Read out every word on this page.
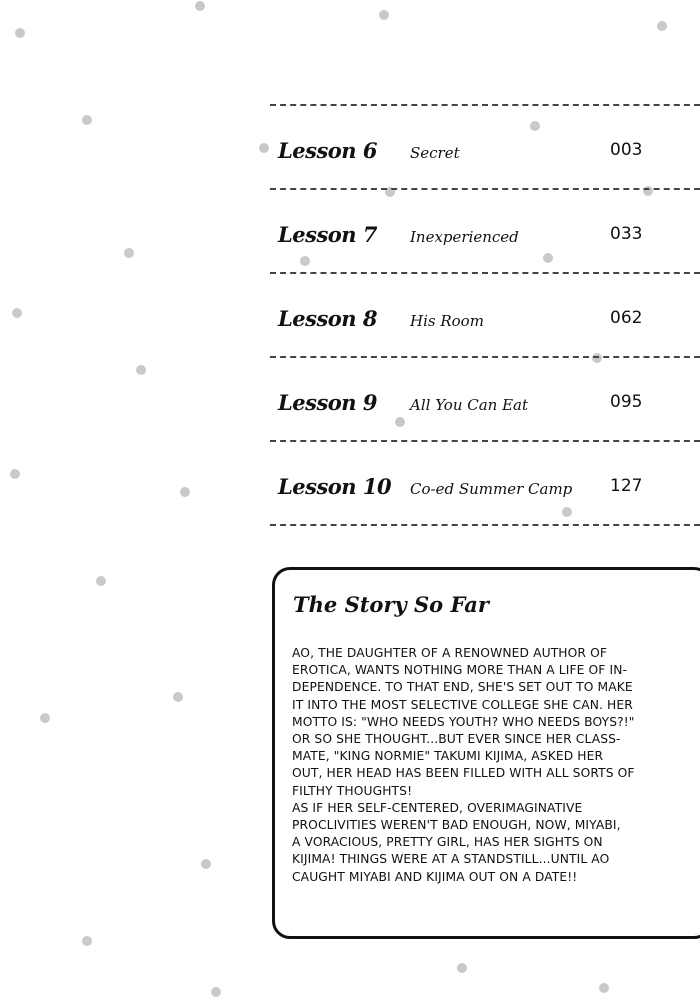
Lesson 6 Secret	003
Lesson 7 Inexperienced	033
Lesson 8 His Room	062
Lesson 9 All You Can Eat	095
Lesson 10 Co-ed Summer Camp 127
The Story So Far
AO, THE DAUGHTER OF A RENOWNED AUTHOR OF
EROTICA, WANTS NOTHING MORE THAN A LIFE OF IN-
DEPENDENCE. TO THAT END, SHE'S SET OUT TO MAKE
IT INTO THE MOST SELECTIVE COLLEGE SHE CAN. HER
MOTTO IS: "WHO NEEDS YOUTH? WHO NEEDS BOYS?!"
OR SO SHE THOUGHT...BUT EVER SINCE HER CLASS-
MATE, "KING NORMIE" TAKUMI KIJIMA, ASKED HER
OUT, HER HEAD HAS BEEN FILLED WITH ALL SORTS OF
FILTHY THOUGHTS!
AS IF HER SELF-CENTERED, OVERIMAGINATIVE
PROCLIVITIES WEREN'T BAD ENOUGH, NOW, MIYABI,
A VORACIOUS, PRETTY GIRL, HAS HER SIGHTS ON
KIJIMA! THINGS WERE AT A STANDSTILL...UNTIL AO
CAUGHT MIYABI AND KIJIMA OUT ON A DATE!!
